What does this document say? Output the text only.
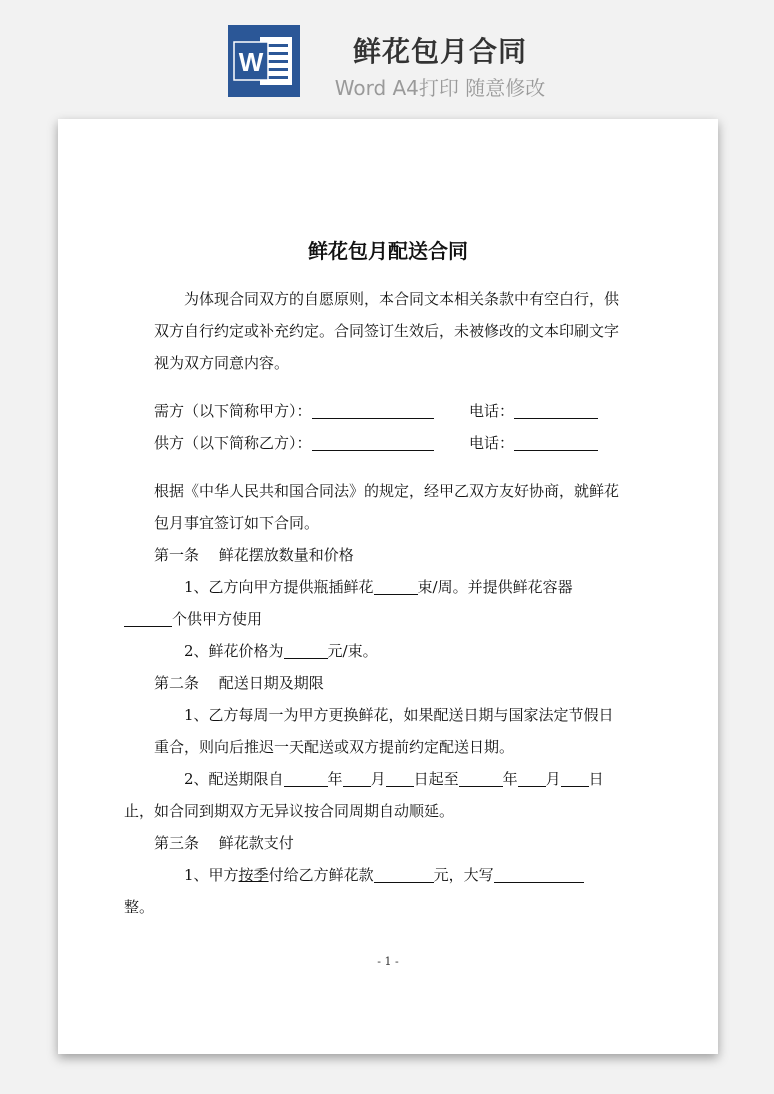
W	鲜花包月合同
Word A4打印 随意修改
鲜花包月配送合同

为体现合同双方的自愿原则，本合同文本相关条款中有空白行，供双方自行约定或补充约定。合同签订生效后，未被修改的文本印刷文字视为双方同意内容。

需方（以下简称甲方）：	电话：
供方（以下简称乙方）：	电话：

根据《中华人民共和国合同法》的规定，经甲乙双方友好协商，就鲜花包月事宜签订如下合同。

第一条　 鲜花摆放数量和价格

1、乙方向甲方提供瓶插鲜花	束/周。并提供鲜花容器
个供甲方使用

2、鲜花价格为	元/束。

第二条　 配送日期及期限

1、乙方每周一为甲方更换鲜花，如果配送日期与国家法定节假日重合，则向后推迟一天配送或双方提前约定配送日期。

2、配送期限自	年 月 日起至	年 月 日
止，如合同到期双方无异议按合同周期自动顺延。

第三条　 鲜花款支付

1、甲方按季付给乙方鲜花款	元，大写
整。

- 1 -
